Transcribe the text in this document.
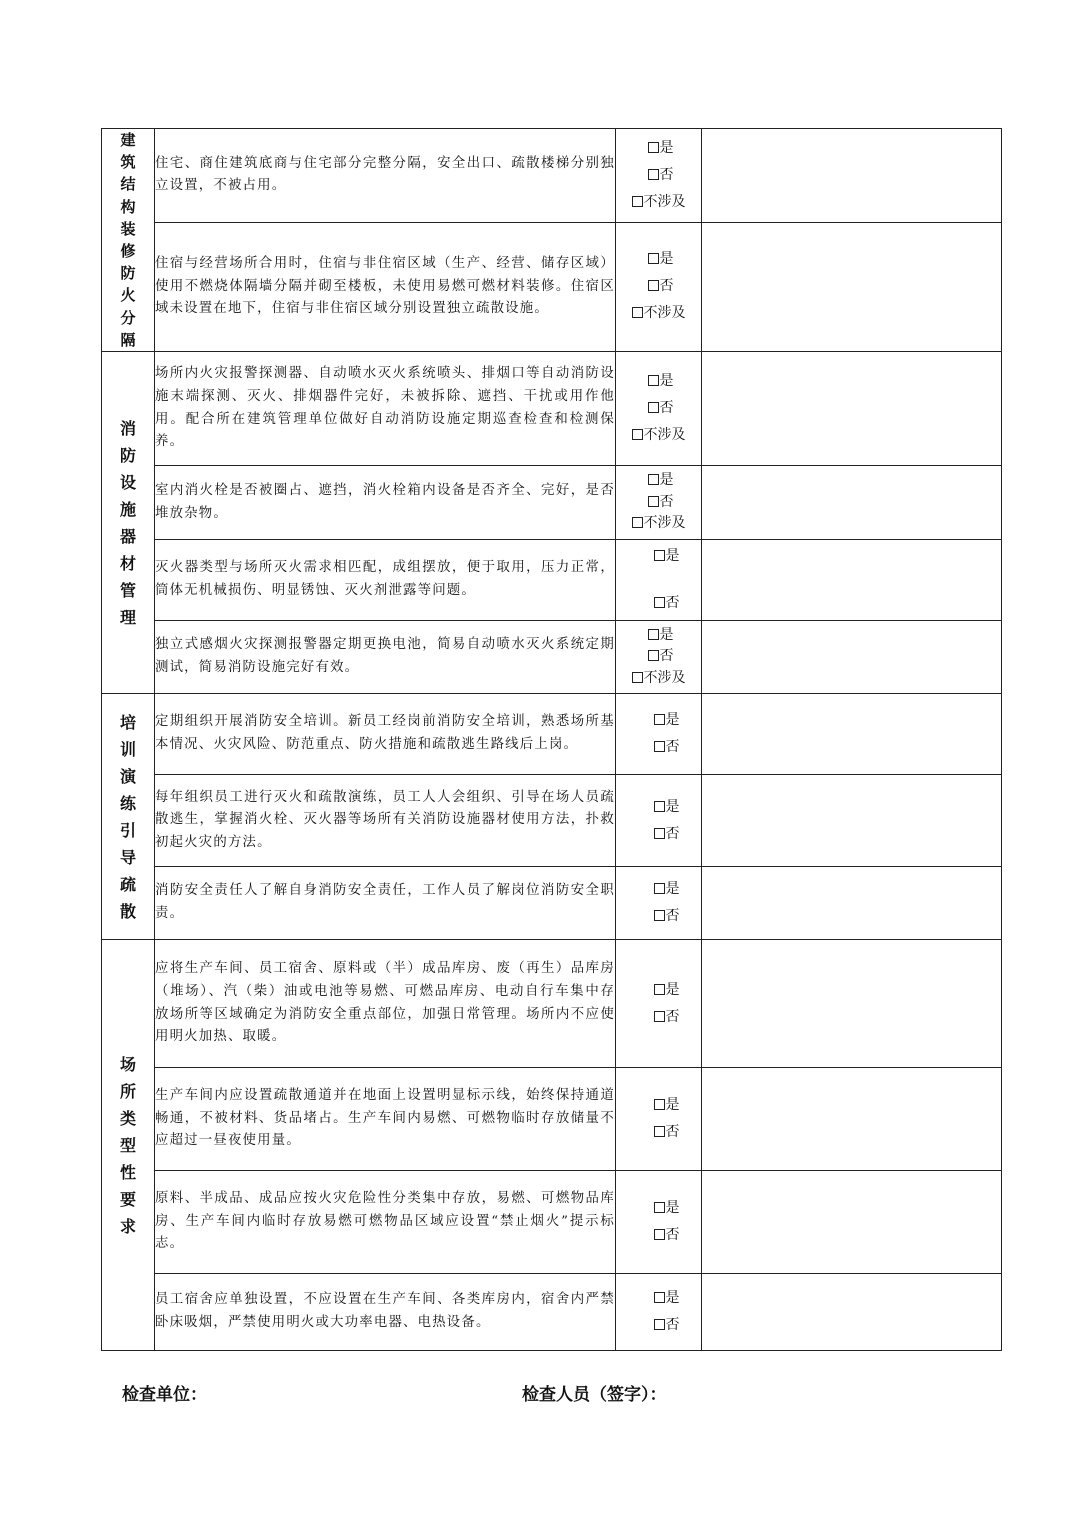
建筑结构装修防火分隔	住宅、商住建筑底商与住宅部分完整分隔，安全出口、疏散楼梯分别独立设置，不被占用。	是
否
不涉及	

	住宿与经营场所合用时，住宿与非住宿区域（生产、经营、储存区域）使用不燃烧体隔墙分隔并砌至楼板，未使用易燃可燃材料装修。住宿区域未设置在地下，住宿与非住宿区域分别设置独立疏散设施。	是
否
不涉及	

消防设施器材管理	场所内火灾报警探测器、自动喷水灭火系统喷头、排烟口等自动消防设施末端探测、灭火、排烟器件完好，未被拆除、遮挡、干扰或用作他用。配合所在建筑管理单位做好自动消防设施定期巡查检查和检测保养。	是
否
不涉及	

	室内消火栓是否被圈占、遮挡，消火栓箱内设备是否齐全、完好，是否堆放杂物。	是
否
不涉及	

	灭火器类型与场所灭火需求相匹配，成组摆放，便于取用，压力正常，筒体无机械损伤、明显锈蚀、灭火剂泄露等问题。	是
否	

	独立式感烟火灾探测报警器定期更换电池，简易自动喷水灭火系统定期测试，简易消防设施完好有效。	是
否
不涉及	

培训演练引导疏散	定期组织开展消防安全培训。新员工经岗前消防安全培训，熟悉场所基本情况、火灾风险、防范重点、防火措施和疏散逃生路线后上岗。	是
否	

	每年组织员工进行灭火和疏散演练，员工人人会组织、引导在场人员疏散逃生，掌握消火栓、灭火器等场所有关消防设施器材使用方法，扑救初起火灾的方法。	是
否	

	消防安全责任人了解自身消防安全责任，工作人员了解岗位消防安全职责。	是
否	

场所类型性要求	应将生产车间、员工宿舍、原料或（半）成品库房、废（再生）品库房（堆场）、汽（柴）油或电池等易燃、可燃品库房、电动自行车集中存放场所等区域确定为消防安全重点部位，加强日常管理。场所内不应使用明火加热、取暖。	是
否	

	生产车间内应设置疏散通道并在地面上设置明显标示线，始终保持通道畅通，不被材料、货品堵占。生产车间内易燃、可燃物临时存放储量不应超过一昼夜使用量。	是
否	

	原料、半成品、成品应按火灾危险性分类集中存放，易燃、可燃物品库房、生产车间内临时存放易燃可燃物品区域应设置“禁止烟火”提示标志。	是
否	

	员工宿舍应单独设置，不应设置在生产车间、各类库房内，宿舍内严禁卧床吸烟，严禁使用明火或大功率电器、电热设备。	是
否	

检查单位：	检查人员（签字）：
